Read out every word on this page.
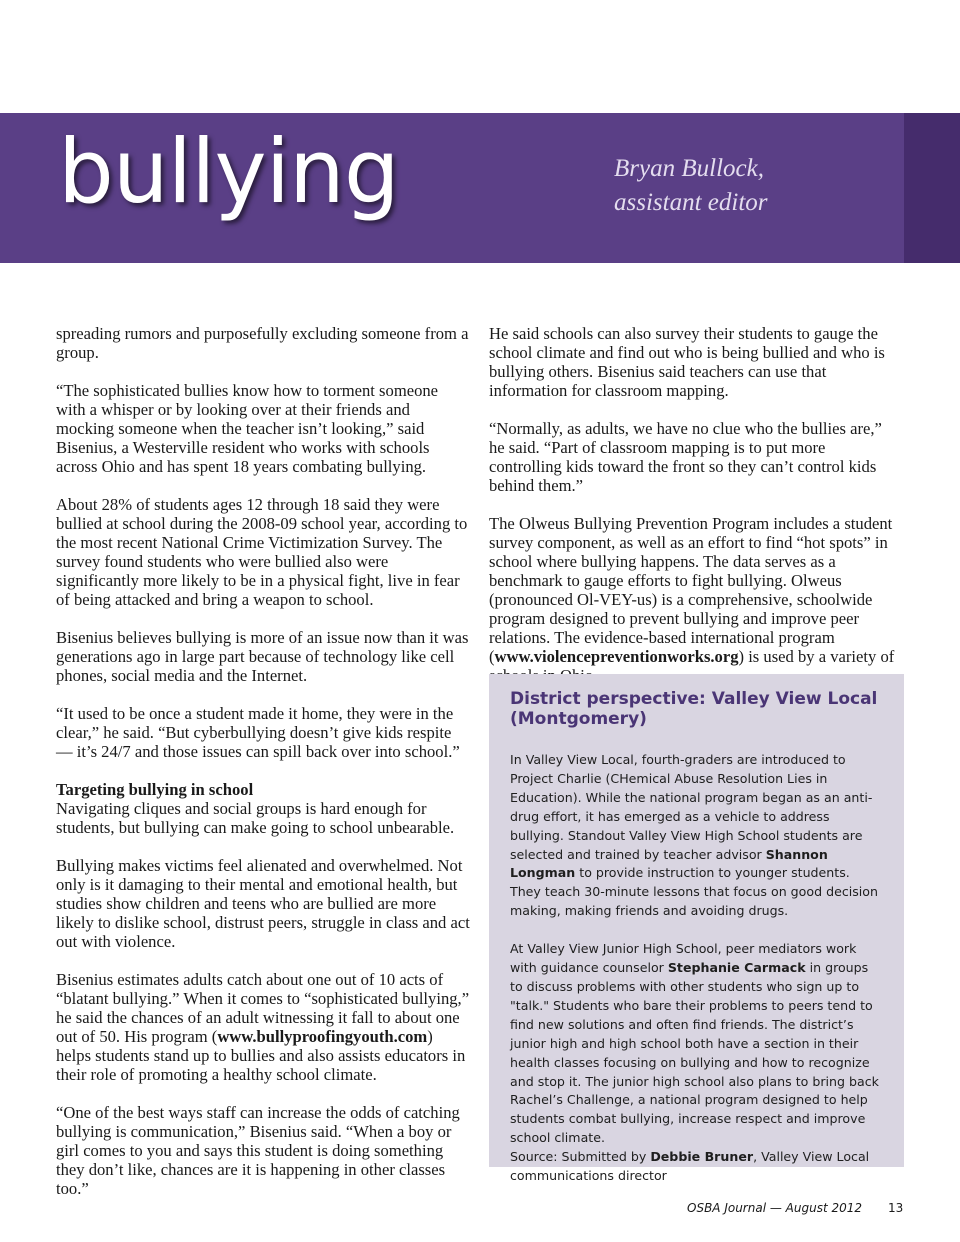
bullying	Bryan Bullock,
assistant editor

spreading rumors and purposefully excluding someone from a group.

“The sophisticated bullies know how to torment someone with a whisper or by looking over at their friends and mocking someone when the teacher isn’t looking,” said Bisenius, a Westerville resident who works with schools across Ohio and has spent 18 years combating bullying.

About 28% of students ages 12 through 18 said they were bullied at school during the 2008-09 school year, according to the most recent National Crime Victimization Survey. The survey found students who were bullied also were significantly more likely to be in a physical fight, live in fear of being attacked and bring a weapon to school.

Bisenius believes bullying is more of an issue now than it was generations ago in large part because of technology like cell phones, social media and the Internet.

“It used to be once a student made it home, they were in the clear,” he said. “But cyberbullying doesn’t give kids respite — it’s 24/7 and those issues can spill back over into school.”

Targeting bullying in school
Navigating cliques and social groups is hard enough for students, but bullying can make going to school unbearable.

Bullying makes victims feel alienated and overwhelmed. Not only is it damaging to their mental and emotional health, but studies show children and teens who are bullied are more likely to dislike school, distrust peers, struggle in class and act out with violence.

Bisenius estimates adults catch about one out of 10 acts of “blatant bullying.” When it comes to “sophisticated bullying,” he said the chances of an adult witnessing it fall to about one out of 50. His program (www.bullyproofingyouth.com) helps students stand up to bullies and also assists educators in their role of promoting a healthy school climate.

“One of the best ways staff can increase the odds of catching bullying is communication,” Bisenius said. “When a boy or girl comes to you and says this student is doing something they don’t like, chances are it is happening in other classes too.”

He said schools can also survey their students to gauge the school climate and find out who is being bullied and who is bullying others. Bisenius said teachers can use that information for classroom mapping.

“Normally, as adults, we have no clue who the bullies are,” he said. “Part of classroom mapping is to put more controlling kids toward the front so they can’t control kids behind them.”

The Olweus Bullying Prevention Program includes a student survey component, as well as an effort to find “hot spots” in school where bullying happens. The data serves as a benchmark to gauge efforts to fight bullying. Olweus (pronounced Ol-VEY-us) is a comprehensive, schoolwide program designed to prevent bullying and improve peer relations. The evidence-based international program (www.violencepreventionworks.org) is used by a variety of

District perspective: Valley View Local (Montgomery)

In Valley View Local, fourth-graders are introduced to Project Charlie (CHemical Abuse Resolution Lies in Education). While the national program began as an anti-drug effort, it has emerged as a vehicle to address bullying. Standout Valley View High School students are selected and trained by teacher advisor Shannon Longman to provide instruction to younger students. They teach 30-minute lessons that focus on good decision making, making friends and avoiding drugs.

At Valley View Junior High School, peer mediators work with guidance counselor Stephanie Carmack in groups to discuss problems with other students who sign up to "talk." Students who bare their problems to peers tend to find new solutions and often find friends. The district’s junior high and high school both have a section in their health classes focusing on bullying and how to recognize and stop it. The junior high school also plans to bring back Rachel’s Challenge, a national program designed to help students combat bullying, increase respect and improve school climate.

Source: Submitted by Debbie Bruner, Valley View Local communications director

OSBA Journal — August 2012 13
